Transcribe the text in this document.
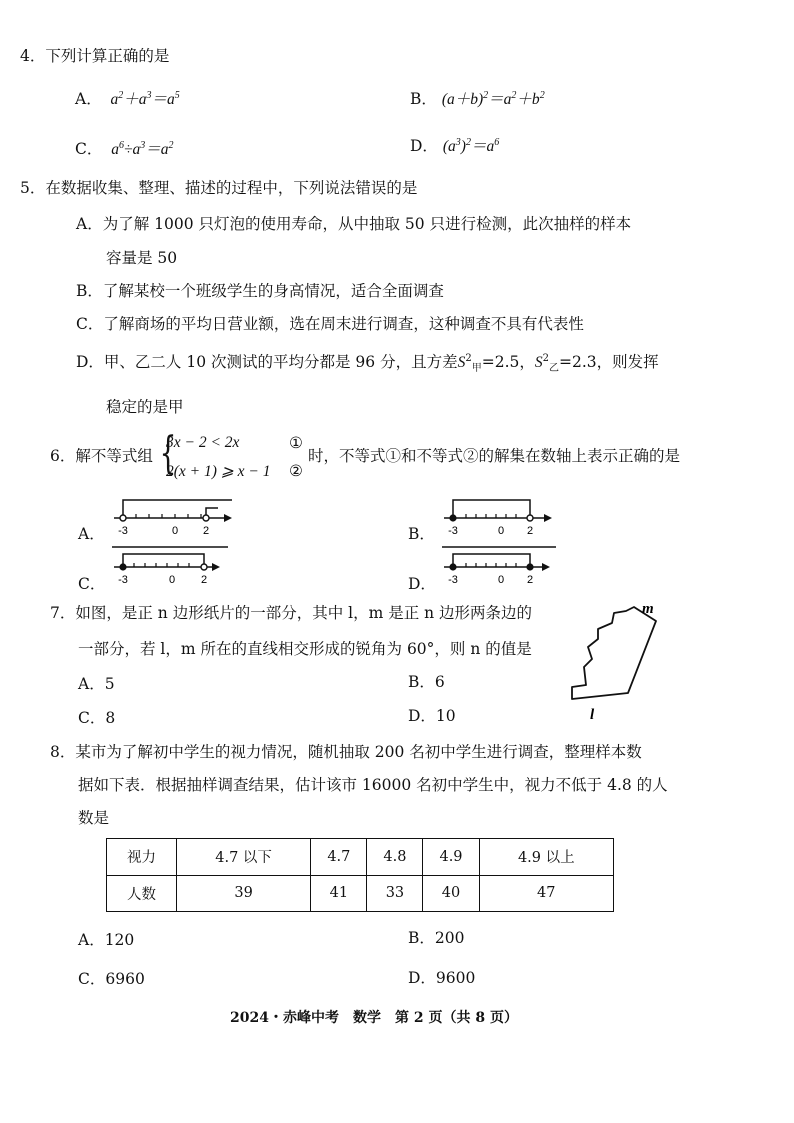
4．下列计算正确的是
A．  $a^2+a^3=a^5$	B． $(a+b)^2=a^2+b^2$
C．  $a^6\div a^3=a^2$	D． $(a^3)^2=a^6$
5．在数据收集、整理、描述的过程中，下列说法错误的是
A．为了解 1000 只灯泡的使用寿命，从中抽取 50 只进行检测，此次抽样的样本
容量是 50
B．了解某校一个班级学生的身高情况，适合全面调查
C．了解商场的平均日营业额，选在周末进行调查，这种调查不具有代表性
D．甲、乙二人 10 次测试的平均分都是 96 分，且方差$S^2_甲=2.5$，$S^2_乙=2.3$，则发挥
稳定的是甲
6．解不等式组 {
3x − 2 < 2x
2(x + 1) ⩾ x − 1
①
②
时，不等式①和不等式②的解集在数轴上表示正确的是
A． -3	0 2	B． -3	0 2
C． -3	0 2	D． -3	0 2
7．如图，是正 n 边形纸片的一部分，其中 l，m 是正 n 边形两条边的
一部分，若 l，m 所在的直线相交形成的锐角为 60°，则 n 的值是
A．5	B．6
C．8	D．10
m
l
8．某市为了解初中学生的视力情况，随机抽取 200 名初中学生进行调查，整理样本数
据如下表．根据抽样调查结果，估计该市 16000 名初中学生中，视力不低于 4.8 的人
数是
视力	4.7 以下	4.7	4.8	4.9	4.9 以上
人数	39	41	33	40	47
A．120	B．200
C．6960	D．9600
2024・赤峰中考　数学　第 2 页（共 8 页）
